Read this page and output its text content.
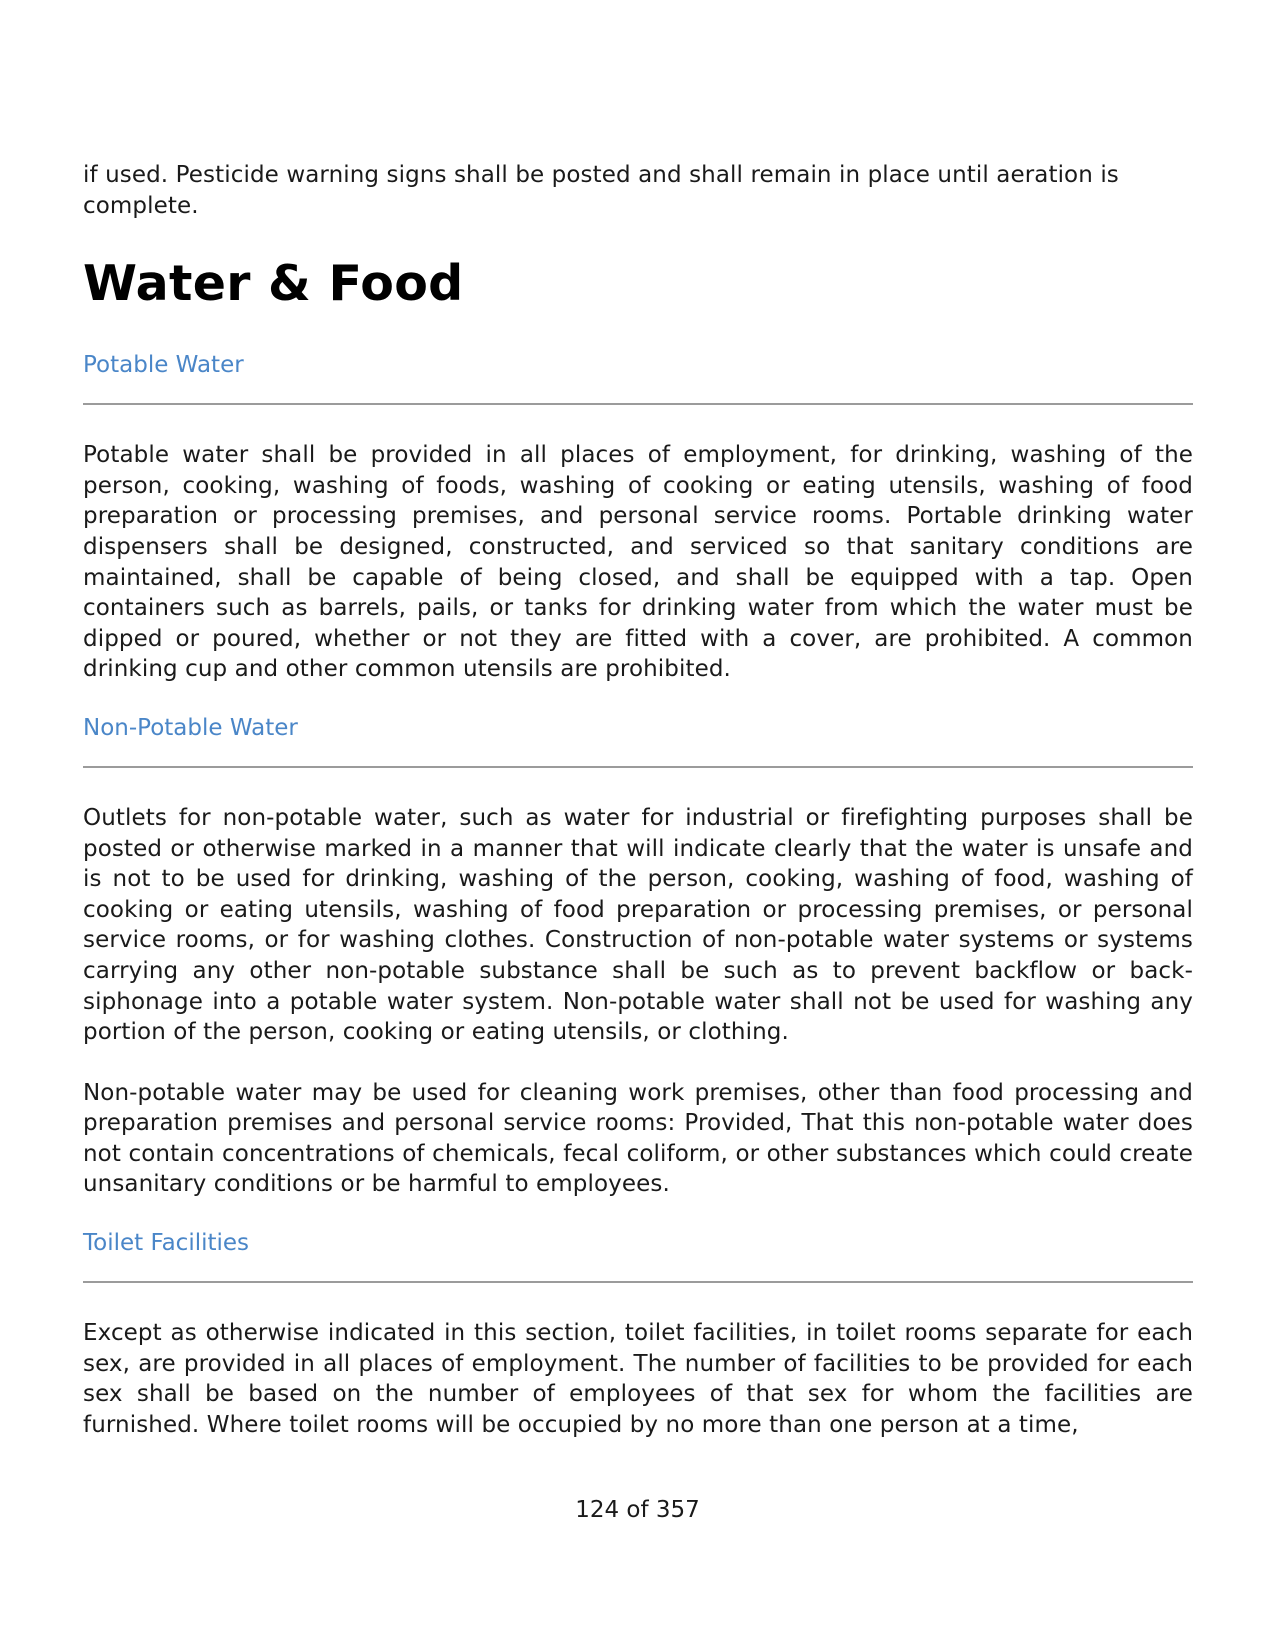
if used. Pesticide warning signs shall be posted and shall remain in place until aeration is complete.

Water & Food
Potable Water

Potable water shall be provided in all places of employment, for drinking, washing of the person, cooking, washing of foods, washing of cooking or eating utensils, washing of food preparation or processing premises, and personal service rooms. Portable drinking water dispensers shall be designed, constructed, and serviced so that sanitary conditions are maintained, shall be capable of being closed, and shall be equipped with a tap. Open containers such as barrels, pails, or tanks for drinking water from which the water must be dipped or poured, whether or not they are fitted with a cover, are prohibited. A common drinking cup and other common utensils are prohibited.

Non-Potable Water

Outlets for non-potable water, such as water for industrial or firefighting purposes shall be posted or otherwise marked in a manner that will indicate clearly that the water is unsafe and is not to be used for drinking, washing of the person, cooking, washing of food, washing of cooking or eating utensils, washing of food preparation or processing premises, or personal service rooms, or for washing clothes. Construction of non-potable water systems or systems carrying any other non-potable substance shall be such as to prevent backflow or back-siphonage into a potable water system. Non-potable water shall not be used for washing any portion of the person, cooking or eating utensils, or clothing.

Non-potable water may be used for cleaning work premises, other than food processing and preparation premises and personal service rooms: Provided, That this non-potable water does not contain concentrations of chemicals, fecal coliform, or other substances which could create unsanitary conditions or be harmful to employees.

Toilet Facilities

Except as otherwise indicated in this section, toilet facilities, in toilet rooms separate for each sex, are provided in all places of employment. The number of facilities to be provided for each sex shall be based on the number of employees of that sex for whom the facilities are furnished. Where toilet rooms will be occupied by no more than one person at a time,

124 of 357
